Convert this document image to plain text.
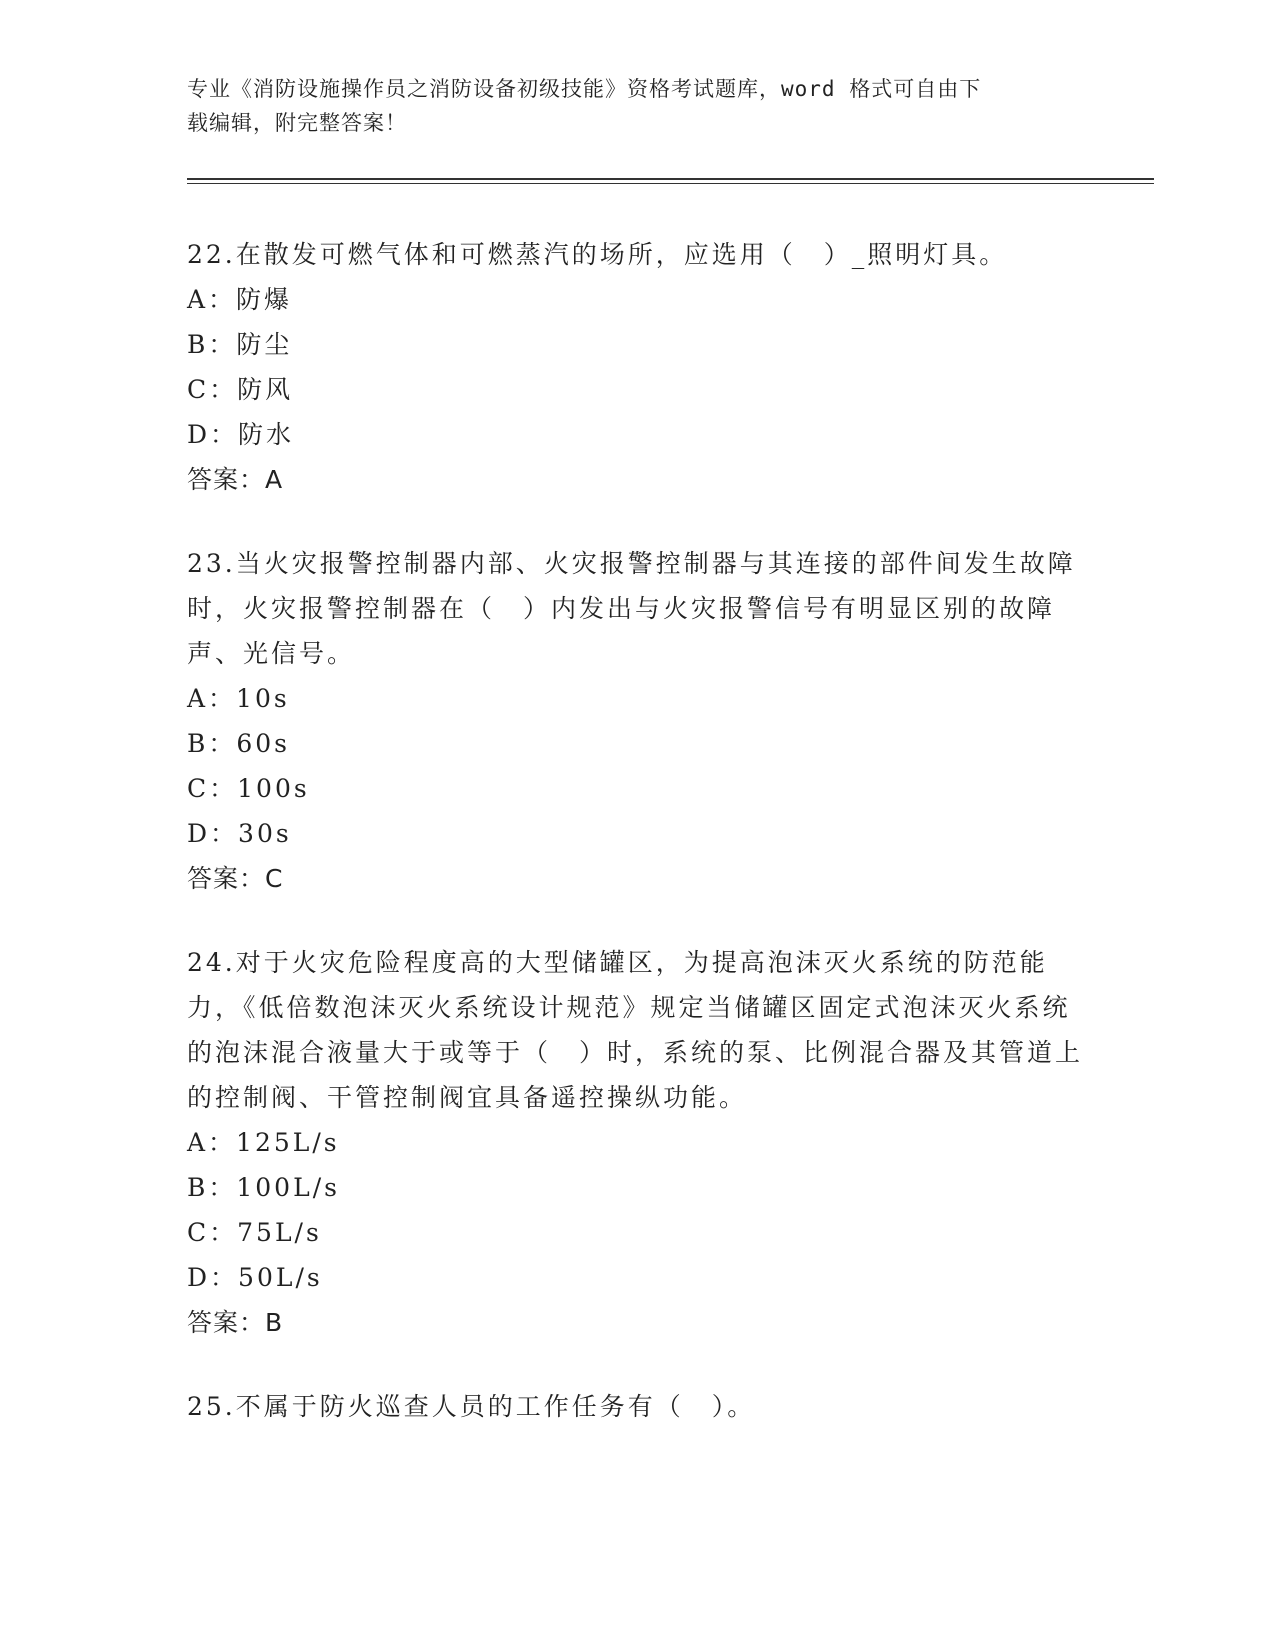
专业《消防设施操作员之消防设备初级技能》资格考试题库，word 格式可自由下
载编辑，附完整答案！
22.在散发可燃气体和可燃蒸汽的场所，应选用（　）_照明灯具。
A：防爆
B：防尘
C：防风
D：防水
答案：A
23.当火灾报警控制器内部、火灾报警控制器与其连接的部件间发生故障时，火灾报警控制器在（　）内发出与火灾报警信号有明显区别的故障声、光信号。
A：10s
B：60s
C：100s
D：30s
答案：C
24.对于火灾危险程度高的大型储罐区，为提高泡沫灭火系统的防范能力，《低倍数泡沫灭火系统设计规范》规定当储罐区固定式泡沫灭火系统的泡沫混合液量大于或等于（　）时，系统的泵、比例混合器及其管道上的控制阀、干管控制阀宜具备遥控操纵功能。
A：125L/s
B：100L/s
C：75L/s
D：50L/s
答案：B
25.不属于防火巡查人员的工作任务有（　）。
